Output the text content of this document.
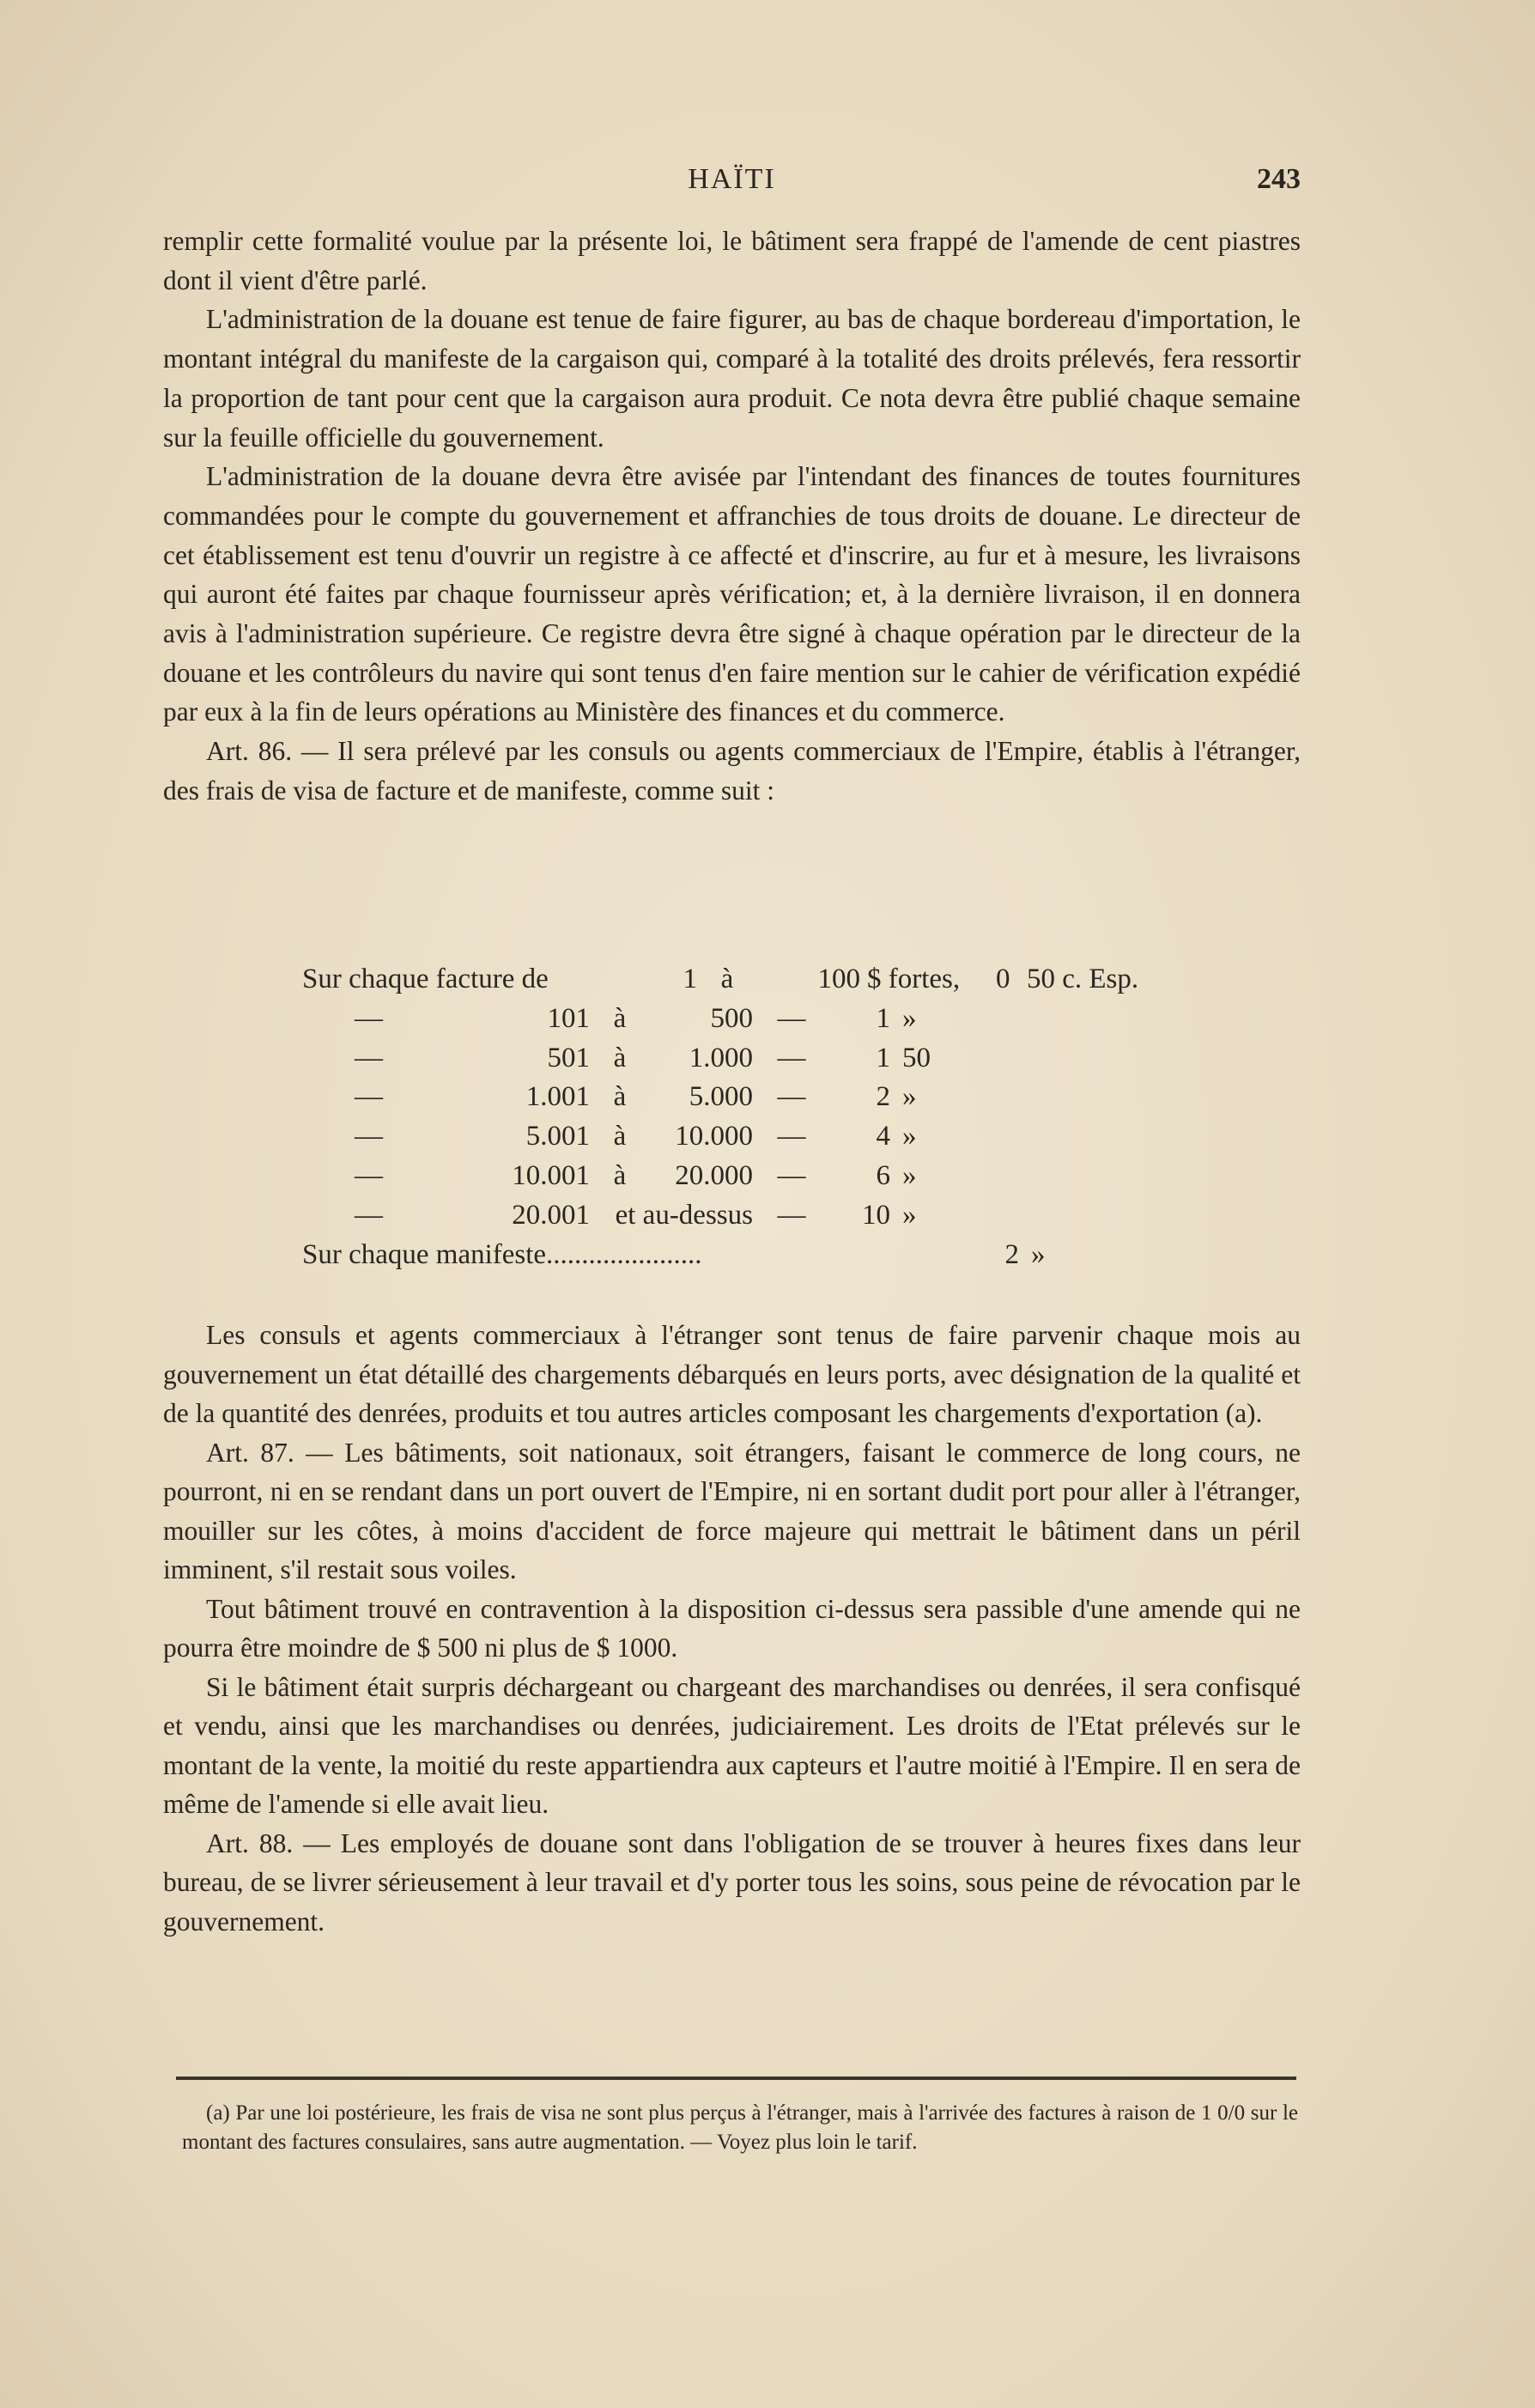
HAÏTI	243

remplir cette formalité voulue par la présente loi, le bâtiment sera frappé de l'amende de cent piastres dont il vient d'être parlé.

L'administration de la douane est tenue de faire figurer, au bas de chaque bordereau d'importation, le montant intégral du manifeste de la cargaison qui, comparé à la totalité des droits prélevés, fera ressortir la proportion de tant pour cent que la cargaison aura produit. Ce nota devra être publié chaque semaine sur la feuille officielle du gouvernement.

L'administration de la douane devra être avisée par l'intendant des finances de toutes fournitures commandées pour le compte du gouvernement et affranchies de tous droits de douane. Le directeur de cet établissement est tenu d'ouvrir un registre à ce affecté et d'inscrire, au fur et à mesure, les livraisons qui auront été faites par chaque fournisseur après vérification; et, à la dernière livraison, il en donnera avis à l'administration supérieure. Ce registre devra être signé à chaque opération par le directeur de la douane et les contrôleurs du navire qui sont tenus d'en faire mention sur le cahier de vérification expédié par eux à la fin de leurs opérations au Ministère des finances et du commerce.

Art. 86. — Il sera prélevé par les consuls ou agents commerciaux de l'Empire, établis à l'étranger, des frais de visa de facture et de manifeste, comme suit :

Sur chaque facture de	1 à	100 $ fortes,	0 50 c. Esp.
—	101 à	500 —	1 »
—	501 à	1.000 —	1 50
—	1.001 à	5.000 —	2 »
—	5.001 à	10.000 —	4 »
—	10.001 à	20.000 —	6 »
—	20.001 et au-dessus —	10 »
Sur chaque manifeste......................	2 »

Les consuls et agents commerciaux à l'étranger sont tenus de faire parvenir chaque mois au gouvernement un état détaillé des chargements débarqués en leurs ports, avec désignation de la qualité et de la quantité des denrées, produits et tou autres articles composant les chargements d'exportation (a).

Art. 87. — Les bâtiments, soit nationaux, soit étrangers, faisant le commerce de long cours, ne pourront, ni en se rendant dans un port ouvert de l'Empire, ni en sortant dudit port pour aller à l'étranger, mouiller sur les côtes, à moins d'accident de force majeure qui mettrait le bâtiment dans un péril imminent, s'il restait sous voiles.

Tout bâtiment trouvé en contravention à la disposition ci-dessus sera passible d'une amende qui ne pourra être moindre de $ 500 ni plus de $ 1000.

Si le bâtiment était surpris déchargeant ou chargeant des marchandises ou denrées, il sera confisqué et vendu, ainsi que les marchandises ou denrées, judiciairement. Les droits de l'Etat prélevés sur le montant de la vente, la moitié du reste appartiendra aux capteurs et l'autre moitié à l'Empire. Il en sera de même de l'amende si elle avait lieu.

Art. 88. — Les employés de douane sont dans l'obligation de se trouver à heures fixes dans leur bureau, de se livrer sérieusement à leur travail et d'y porter tous les soins, sous peine de révocation par le gouvernement.

(a) Par une loi postérieure, les frais de visa ne sont plus perçus à l'étranger, mais à l'arrivée des factures à raison de 1 0/0 sur le montant des factures consulaires, sans autre augmentation. — Voyez plus loin le tarif.
